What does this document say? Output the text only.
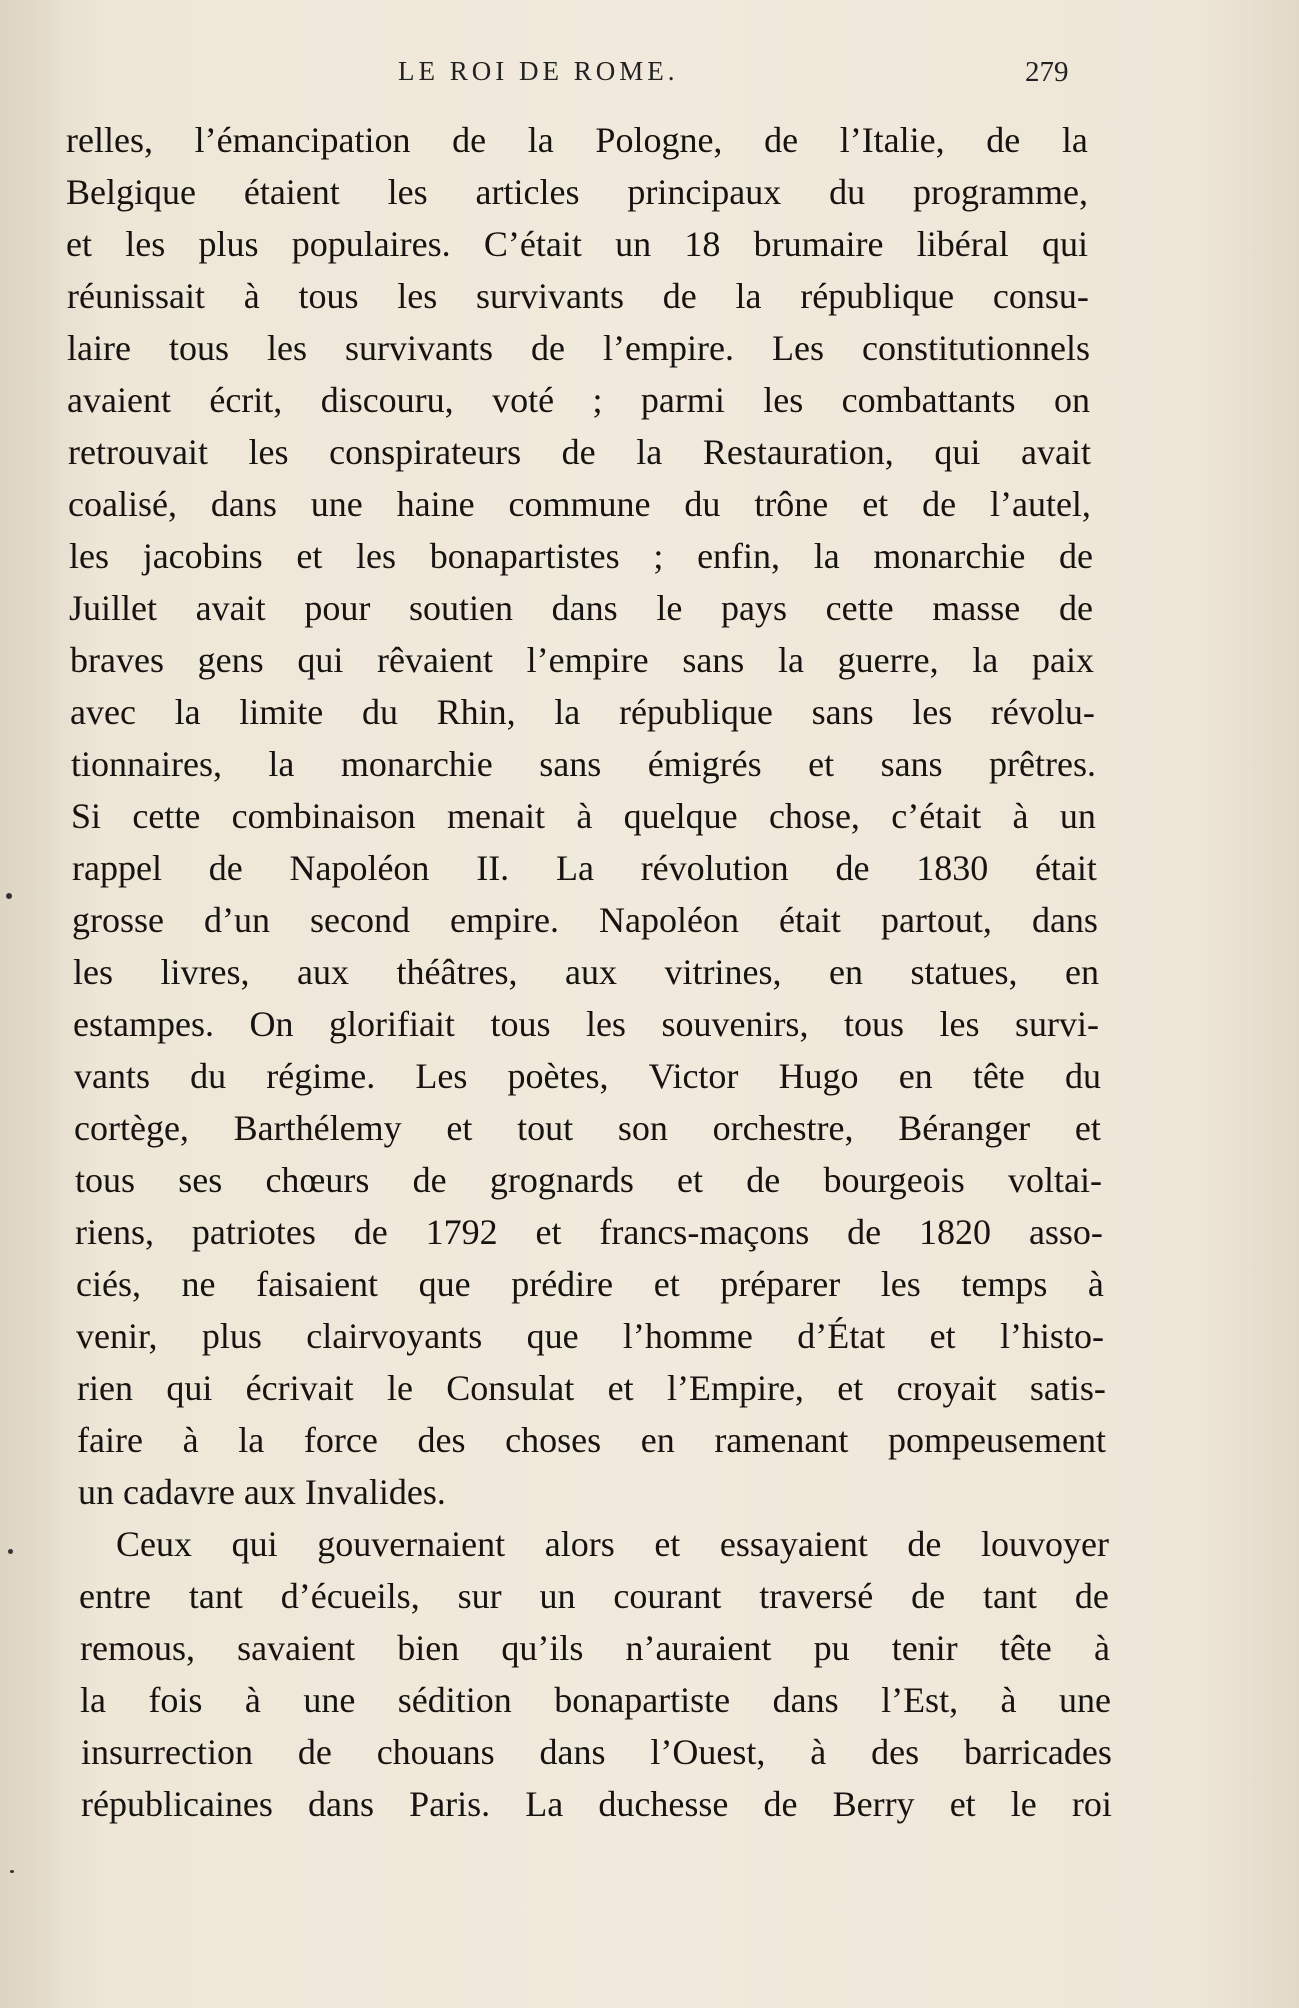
LE ROI DE ROME.	279
relles, l’émancipation de la Pologne, de l’Italie, de la
Belgique étaient les articles principaux du programme,
et les plus populaires. C’était un 18 brumaire libéral qui
réunissait à tous les survivants de la république consu-
laire tous les survivants de l’empire. Les constitutionnels
avaient écrit, discouru, voté ; parmi les combattants on
retrouvait les conspirateurs de la Restauration, qui avait
coalisé, dans une haine commune du trône et de l’autel,
les jacobins et les bonapartistes ; enfin, la monarchie de
Juillet avait pour soutien dans le pays cette masse de
braves gens qui rêvaient l’empire sans la guerre, la paix
avec la limite du Rhin, la république sans les révolu-
tionnaires, la monarchie sans émigrés et sans prêtres.
Si cette combinaison menait à quelque chose, c’était à un
rappel de Napoléon II. La révolution de 1830 était
grosse d’un second empire. Napoléon était partout, dans
les livres, aux théâtres, aux vitrines, en statues, en
estampes. On glorifiait tous les souvenirs, tous les survi-
vants du régime. Les poètes, Victor Hugo en tête du
cortège, Barthélemy et tout son orchestre, Béranger et
tous ses chœurs de grognards et de bourgeois voltai-
riens, patriotes de 1792 et francs-maçons de 1820 asso-
ciés, ne faisaient que prédire et préparer les temps à
venir, plus clairvoyants que l’homme d’État et l’histo-
rien qui écrivait le Consulat et l’Empire, et croyait satis-
faire à la force des choses en ramenant pompeusement
un cadavre aux Invalides.
Ceux qui gouvernaient alors et essayaient de louvoyer
entre tant d’écueils, sur un courant traversé de tant de
remous, savaient bien qu’ils n’auraient pu tenir tête à
la fois à une sédition bonapartiste dans l’Est, à une
insurrection de chouans dans l’Ouest, à des barricades
républicaines dans Paris. La duchesse de Berry et le roi
